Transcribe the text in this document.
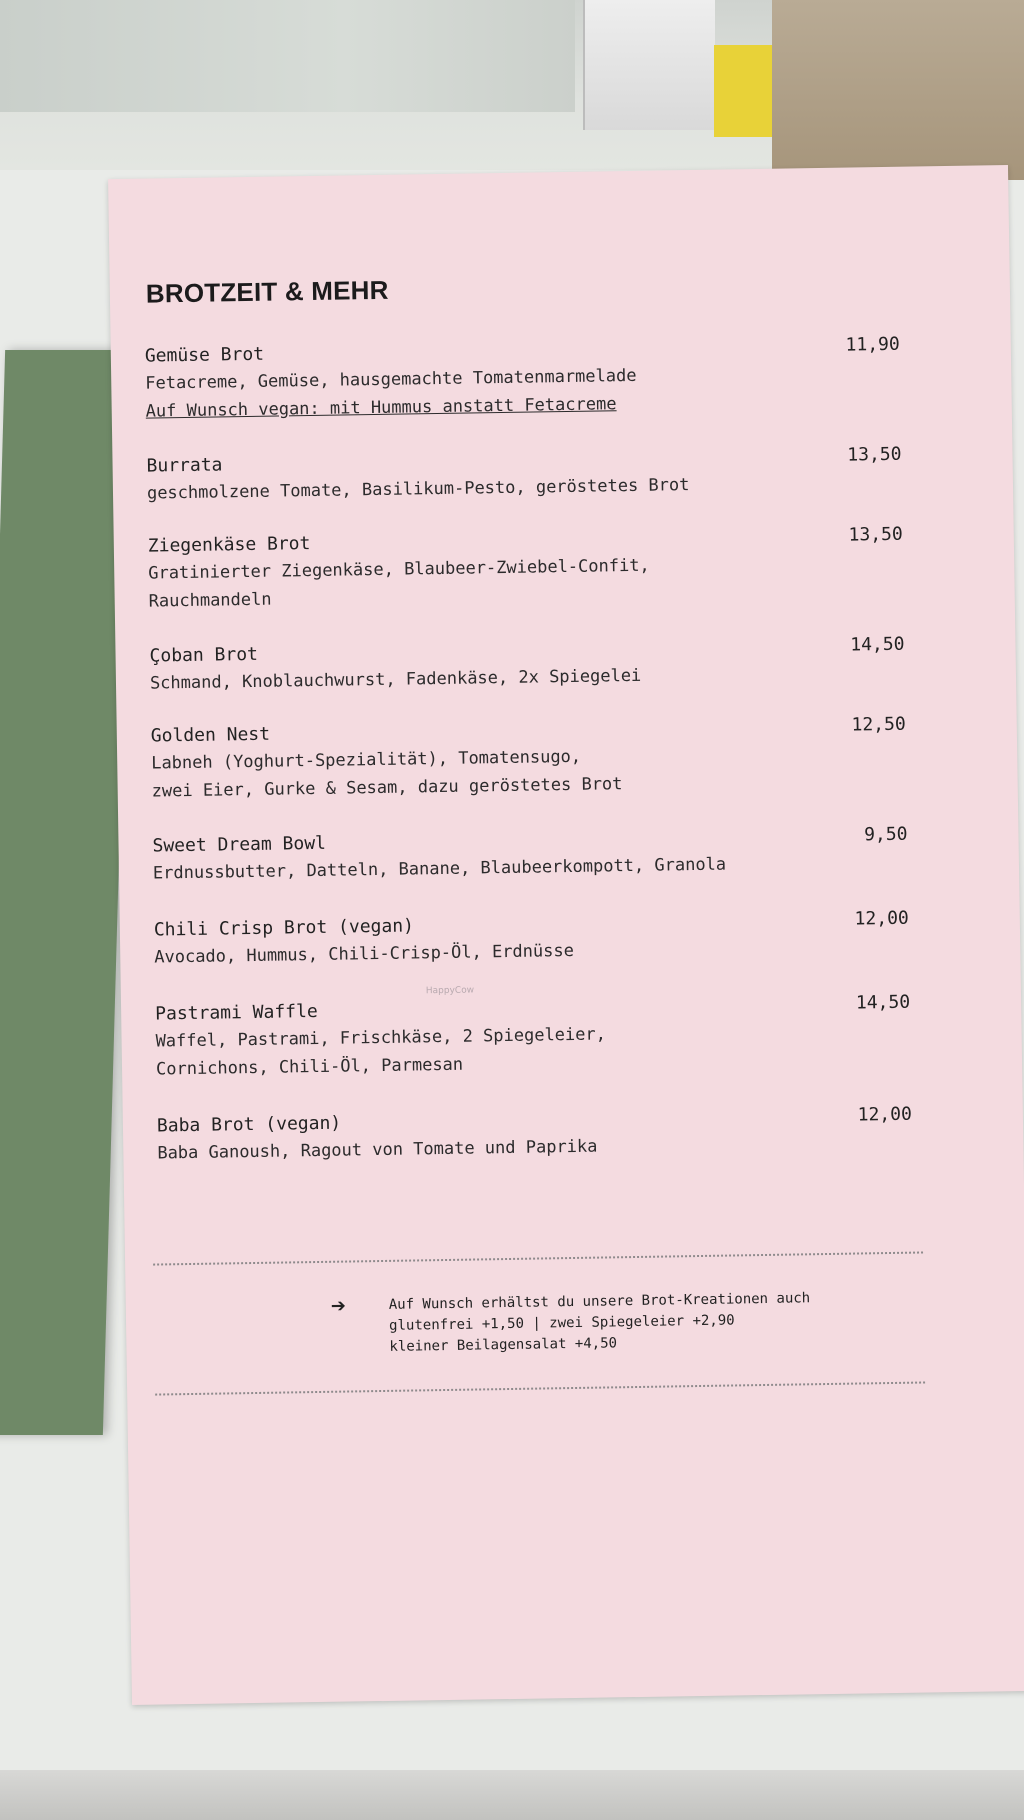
BROTZEIT & MEHR
Gemüse Brot	11,90
Fetacreme, Gemüse, hausgemachte Tomatenmarmelade
Auf Wunsch vegan: mit Hummus anstatt Fetacreme
Burrata	13,50
geschmolzene Tomate, Basilikum-Pesto, geröstetes Brot
Ziegenkäse Brot	13,50
Gratinierter Ziegenkäse, Blaubeer-Zwiebel-Confit,
Rauchmandeln
Çoban Brot	14,50
Schmand, Knoblauchwurst, Fadenkäse, 2x Spiegelei
Golden Nest	12,50
Labneh (Yoghurt-Spezialität), Tomatensugo,
zwei Eier, Gurke & Sesam, dazu geröstetes Brot
Sweet Dream Bowl	9,50
Erdnussbutter, Datteln, Banane, Blaubeerkompott, Granola
Chili Crisp Brot (vegan)	12,00
Avocado, Hummus, Chili-Crisp-Öl, Erdnüsse
Pastrami Waffle	14,50
Waffel, Pastrami, Frischkäse, 2 Spiegeleier,
Cornichons, Chili-Öl, Parmesan
Baba Brot (vegan)	12,00
Baba Ganoush, Ragout von Tomate und Paprika
HappyCow
➔	Auf Wunsch erhältst du unsere Brot-Kreationen auch
glutenfrei +1,50 | zwei Spiegeleier +2,90
kleiner Beilagensalat +4,50
